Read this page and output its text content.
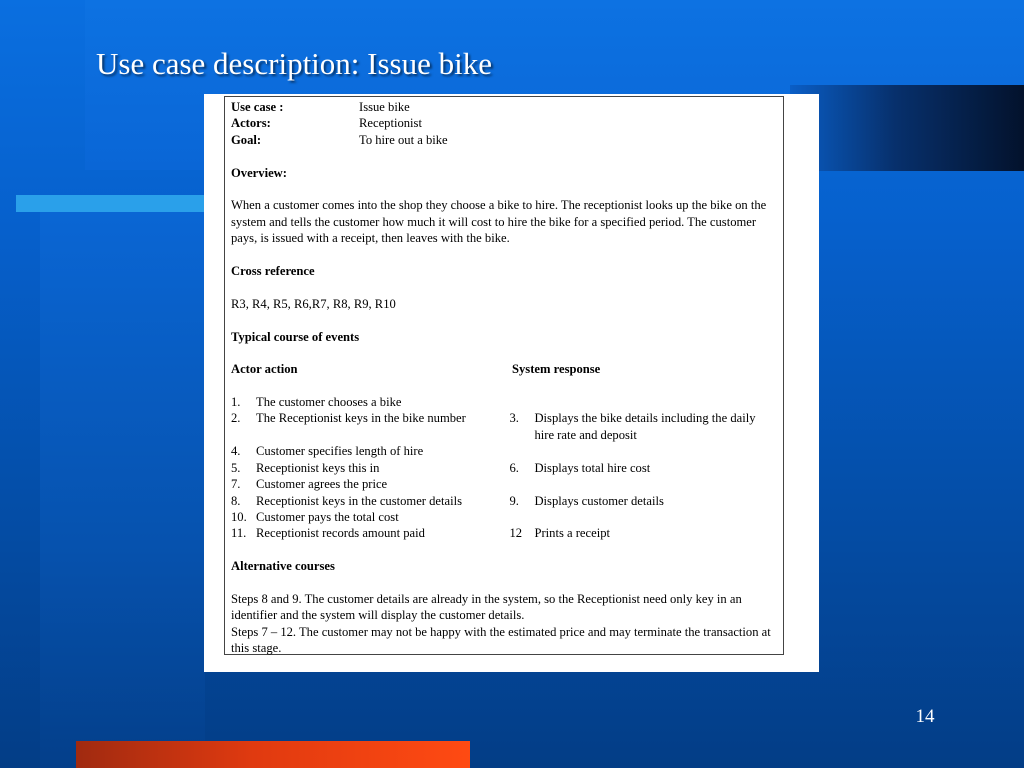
Use case description: Issue bike
Use case :	Issue bike
Actors:	Receptionist
Goal:	To hire out a bike
Overview:
When a customer comes into the shop they choose a bike to hire. The receptionist looks up the bike on the system and tells the customer how much it will cost to hire the bike for a specified period. The customer pays, is issued with a receipt, then leaves with the bike.
Cross reference
R3, R4, R5, R6,R7, R8, R9, R10
Typical course of events
Actor action	System response
1.	The customer chooses a bike
2.	The Receptionist keys in the bike number	3.	Displays the bike details including the daily hire rate and deposit
4.	Customer specifies length of hire
5.	Receptionist keys this in	6.	Displays total hire cost
7.	Customer agrees the price
8.	Receptionist keys in the customer details	9.	Displays customer details
10. Customer pays the total cost
11. Receptionist records amount paid	12 Prints a receipt
Alternative courses
Steps 8 and 9. The customer details are already in the system, so the Receptionist need only key in an identifier and the system will display the customer details.
Steps 7 – 12. The customer may not be happy with the estimated price and may terminate the transaction at this stage.
14
